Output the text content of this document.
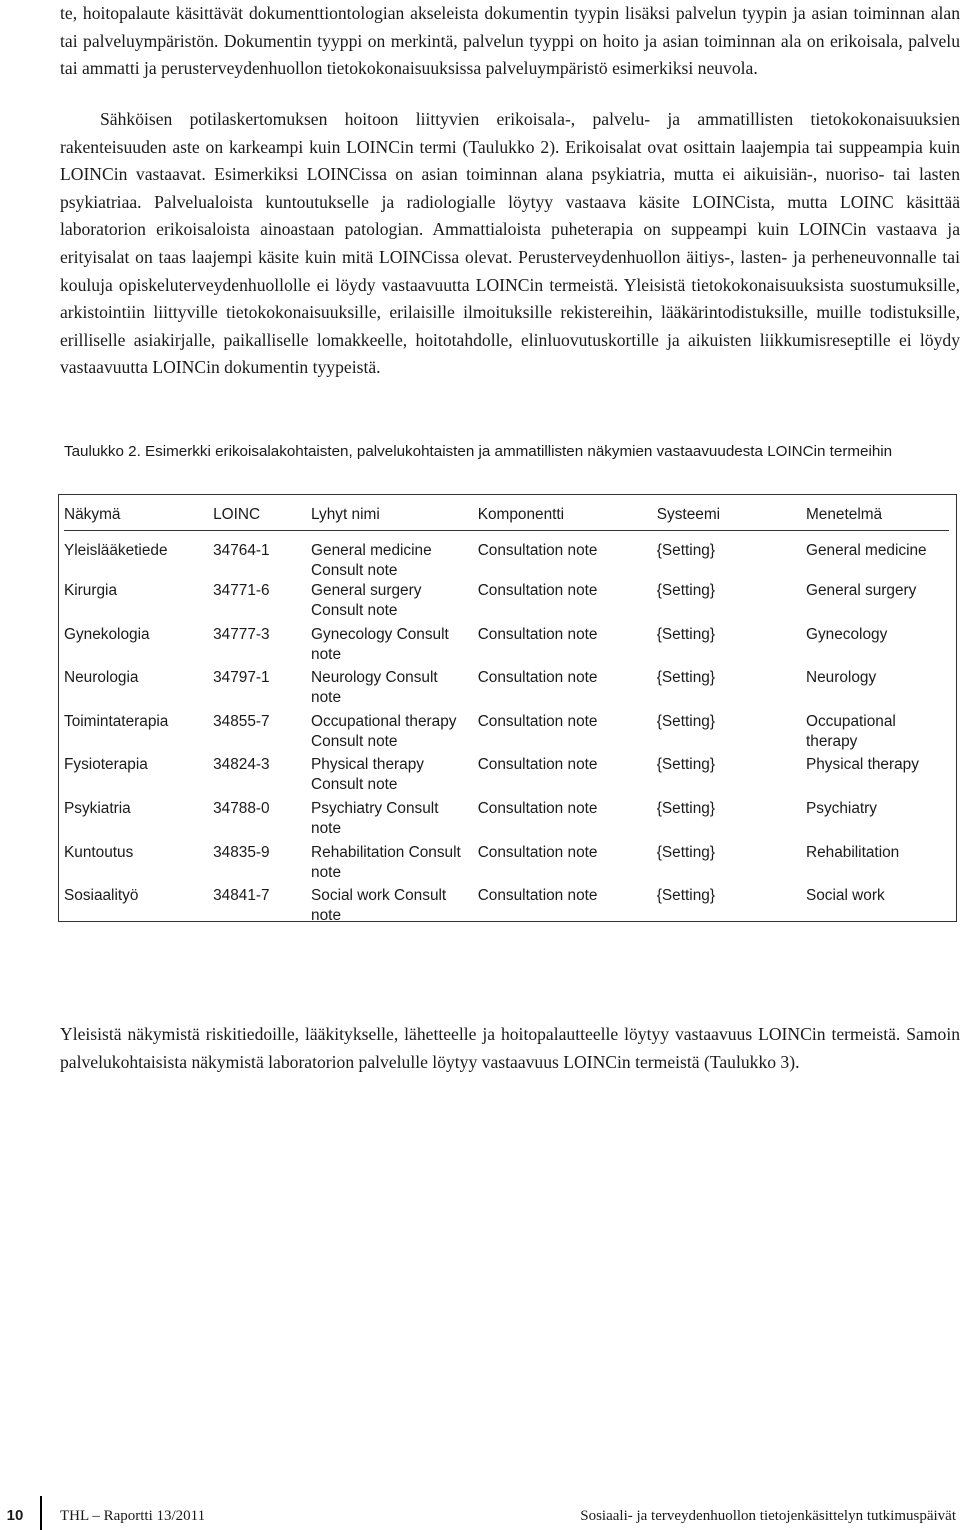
te, hoitopalaute käsittävät dokumenttiontologian akseleista dokumentin tyypin lisäksi palvelun tyypin ja asian toiminnan alan tai palveluympäristön. Dokumentin tyyppi on merkintä, palvelun tyyppi on hoito ja asian toiminnan ala on erikoisala, palvelu tai ammatti ja perusterveydenhuollon tietokokonaisuuksissa palveluympäristö esimerkiksi neuvola.
Sähköisen potilaskertomuksen hoitoon liittyvien erikoisala-, palvelu- ja ammatillisten tietokokonaisuuksien rakenteisuuden aste on karkeampi kuin LOINCin termi (Taulukko 2). Erikoisalat ovat osittain laajempia tai suppeampia kuin LOINCin vastaavat. Esimerkiksi LOINCissa on asian toiminnan alana psykiatria, mutta ei aikuisiän-, nuoriso- tai lasten psykiatriaa. Palvelualoista kuntoutukselle ja radiologialle löytyy vastaava käsite LOINCista, mutta LOINC käsittää laboratorion erikoisaloista ainoastaan patologian. Ammattialoista puheterapia on suppeampi kuin LOINCin vastaava ja erityisalat on taas laajempi käsite kuin mitä LOINCissa olevat. Perusterveydenhuollon äitiys-, lasten- ja perheneuvonnalle tai kouluja opiskeluterveydenhuollolle ei löydy vastaavuutta LOINCin termeistä. Yleisistä tietokokonaisuuksista suostumuksille, arkistointiin liittyville tietokokonaisuuksille, erilaisille ilmoituksille rekistereihin, lääkärintodistuksille, muille todistuksille, erilliselle asiakirjalle, paikalliselle lomakkeelle, hoitotahdolle, elinluovutuskortille ja aikuisten liikkumisreseptille ei löydy vastaavuutta LOINCin dokumentin tyypeistä.
Taulukko 2. Esimerkki erikoisalakohtaisten, palvelukohtaisten ja ammatillisten näkymien vastaavuudesta LOINCin termeihin
Näkymä	LOINC	Lyhyt nimi	Komponentti	Systeemi	Menetelmä
Yleislääketiede	34764-1	General medicine Consult note	Consultation note	{Setting}	General medicine
Kirurgia	34771-6	General surgery Consult note	Consultation note	{Setting}	General surgery
Gynekologia	34777-3	Gynecology Consult note	Consultation note	{Setting}	Gynecology
Neurologia	34797-1	Neurology Consult note	Consultation note	{Setting}	Neurology
Toimintaterapia	34855-7	Occupational therapy Consult note	Consultation note	{Setting}	Occupational therapy
Fysioterapia	34824-3	Physical therapy Consult note	Consultation note	{Setting}	Physical therapy
Psykiatria	34788-0	Psychiatry Consult note	Consultation note	{Setting}	Psychiatry
Kuntoutus	34835-9	Rehabilitation Consult note	Consultation note	{Setting}	Rehabilitation
Sosiaalityö	34841-7	Social work Consult note	Consultation note	{Setting}	Social work
Yleisistä näkymistä riskitiedoille, lääkitykselle, lähetteelle ja hoitopalautteelle löytyy vastaavuus LOINCin termeistä. Samoin palvelukohtaisista näkymistä laboratorion palvelulle löytyy vastaavuus LOINCin termeistä (Taulukko 3).
10	THL – Raportti 13/2011	Sosiaali- ja terveydenhuollon tietojenkäsittelyn tutkimuspäivät
